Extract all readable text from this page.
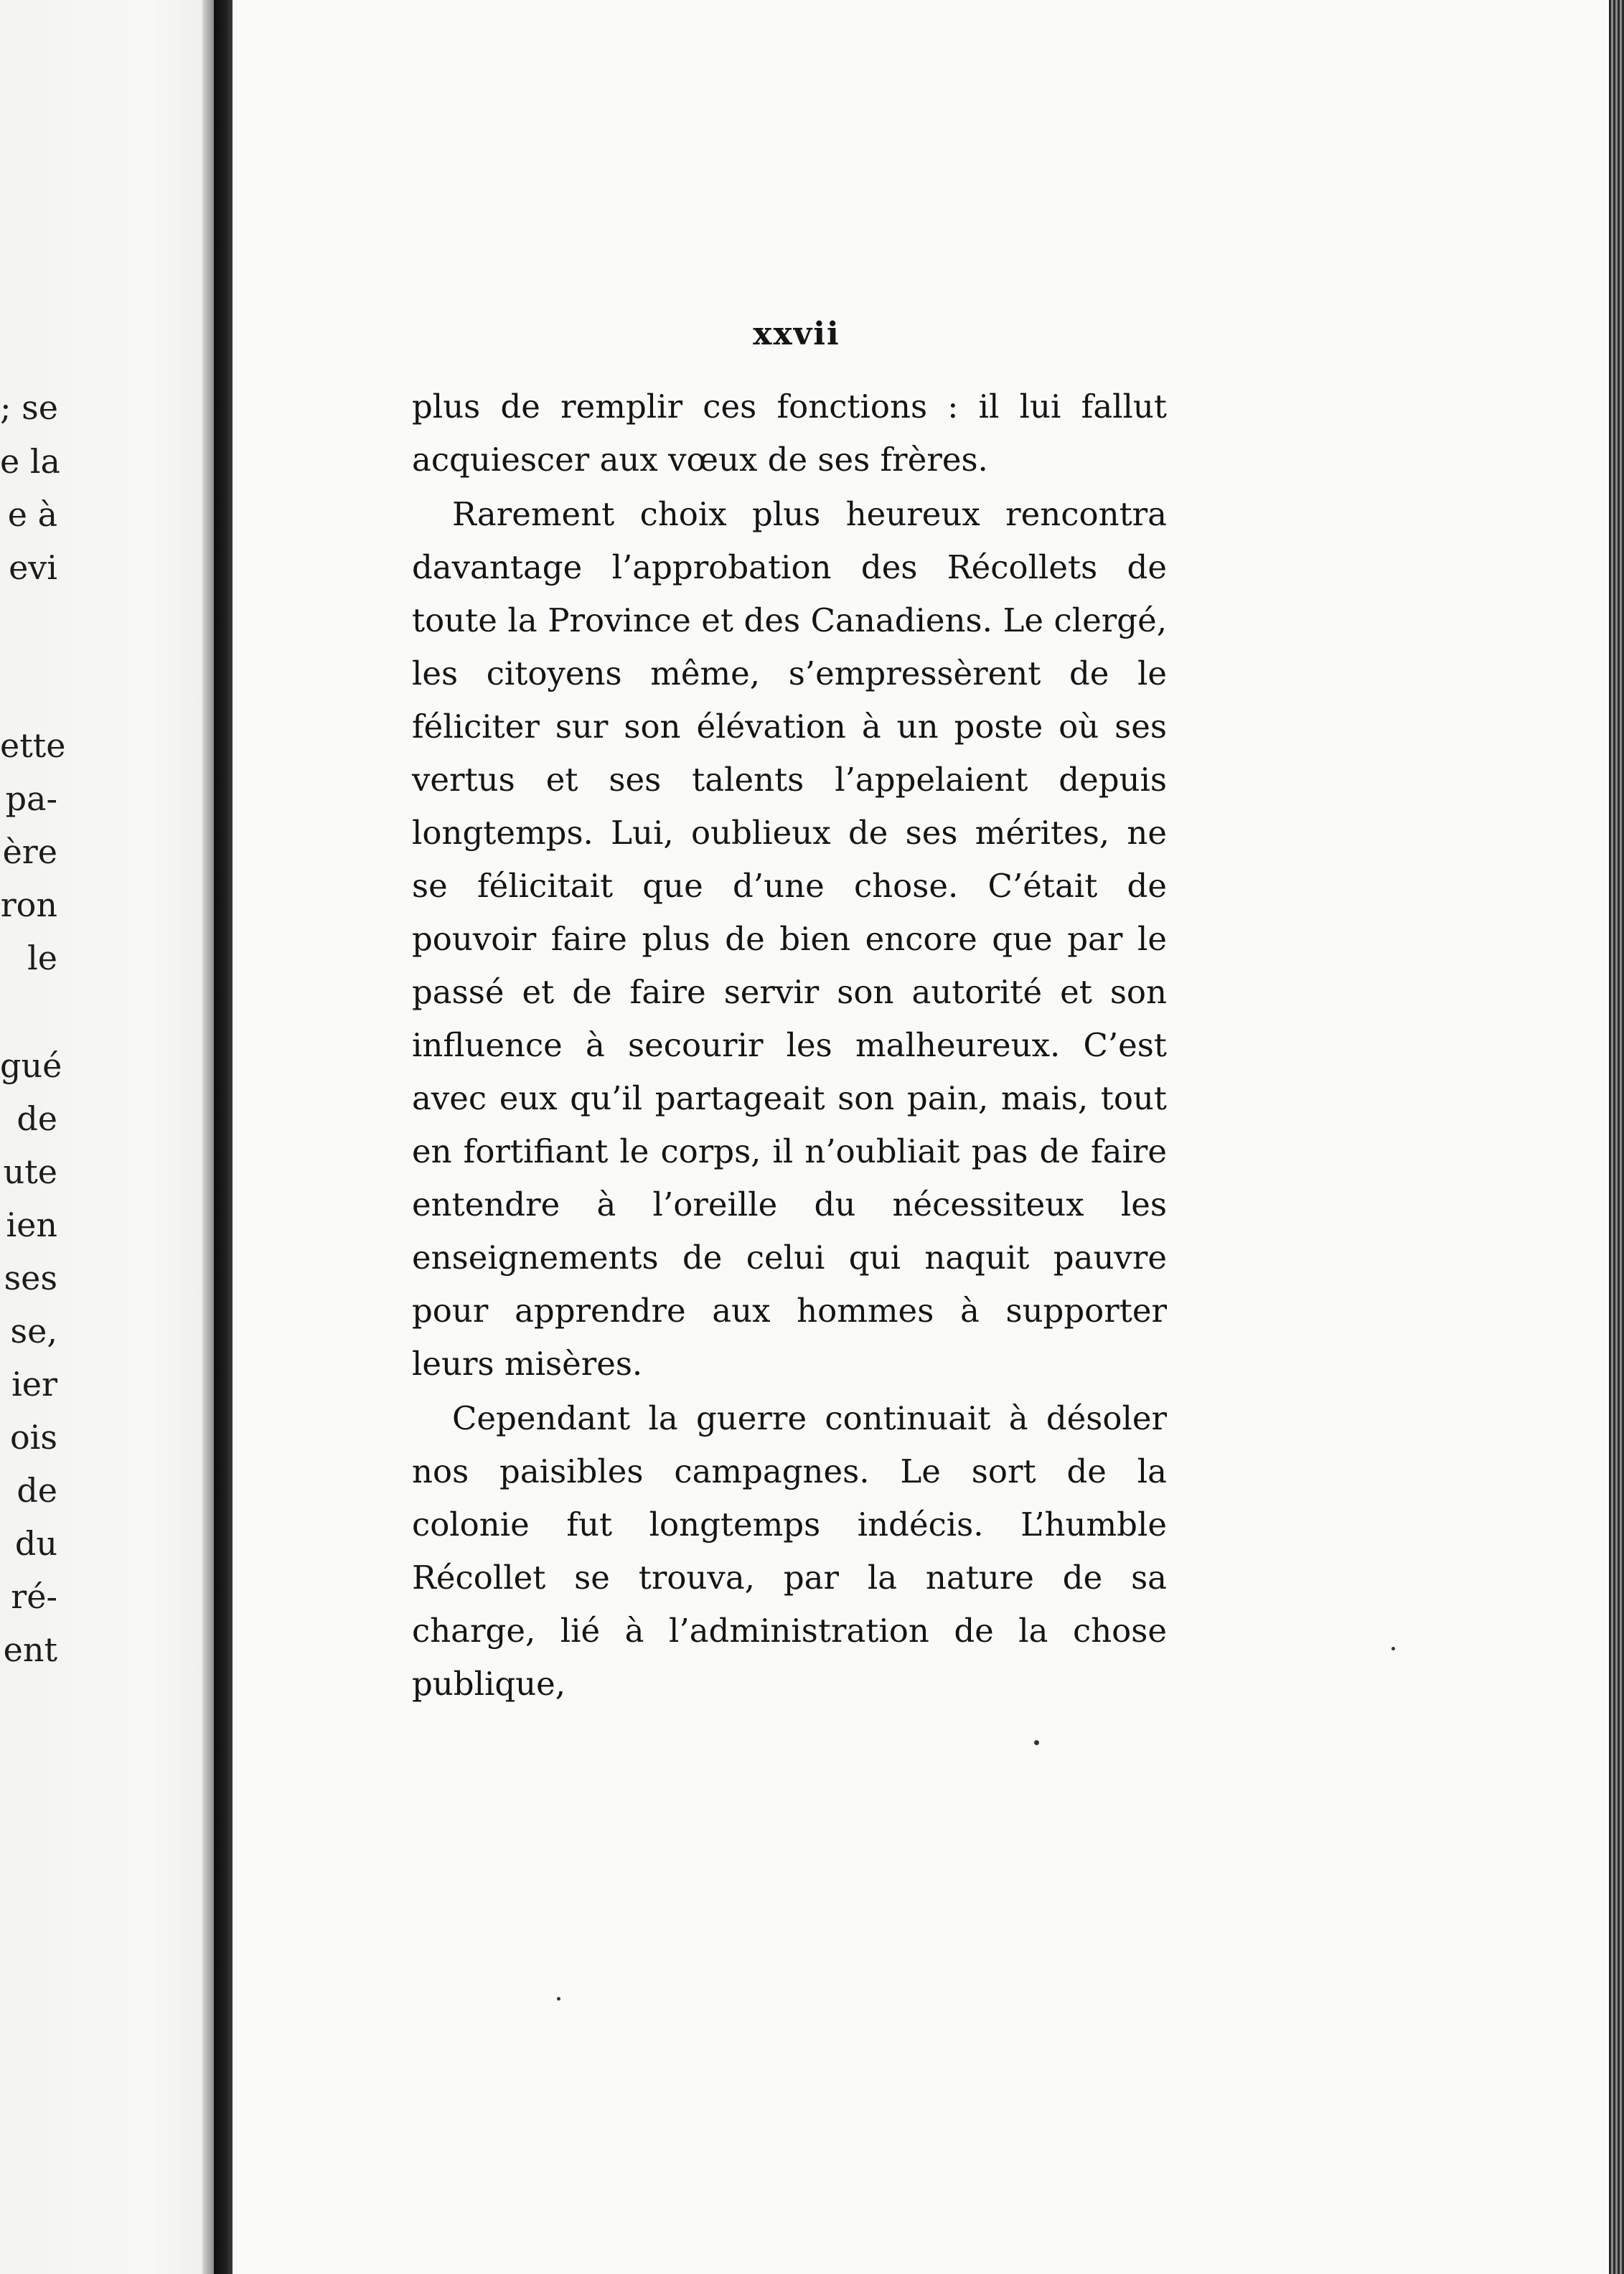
; se
e la
e à
evi
ette
pa-
ère
ron
le
gué
de
ute
ien
ses
se,
ier
ois
de
du
ré-
ent
xxvii

plus de remplir ces fonctions : il lui fallut acquiescer aux vœux de ses frères.

Rarement choix plus heureux rencontra davantage l’approbation des Récollets de toute la Province et des Canadiens. Le clergé, les citoyens même, s’empressèrent de le féliciter sur son élévation à un poste où ses vertus et ses talents l’appelaient depuis longtemps. Lui, oublieux de ses mérites, ne se félicitait que d’une chose. C’était de pouvoir faire plus de bien encore que par le passé et de faire servir son autorité et son influence à secourir les malheureux. C’est avec eux qu’il partageait son pain, mais, tout en fortifiant le corps, il n’oubliait pas de faire entendre à l’oreille du nécessiteux les enseignements de celui qui naquit pauvre pour apprendre aux hommes à supporter leurs misères.

Cependant la guerre continuait à désoler nos paisibles campagnes. Le sort de la colonie fut longtemps indécis. L’humble Récollet se trouva, par la nature de sa charge, lié à l’administration de la chose publique,
